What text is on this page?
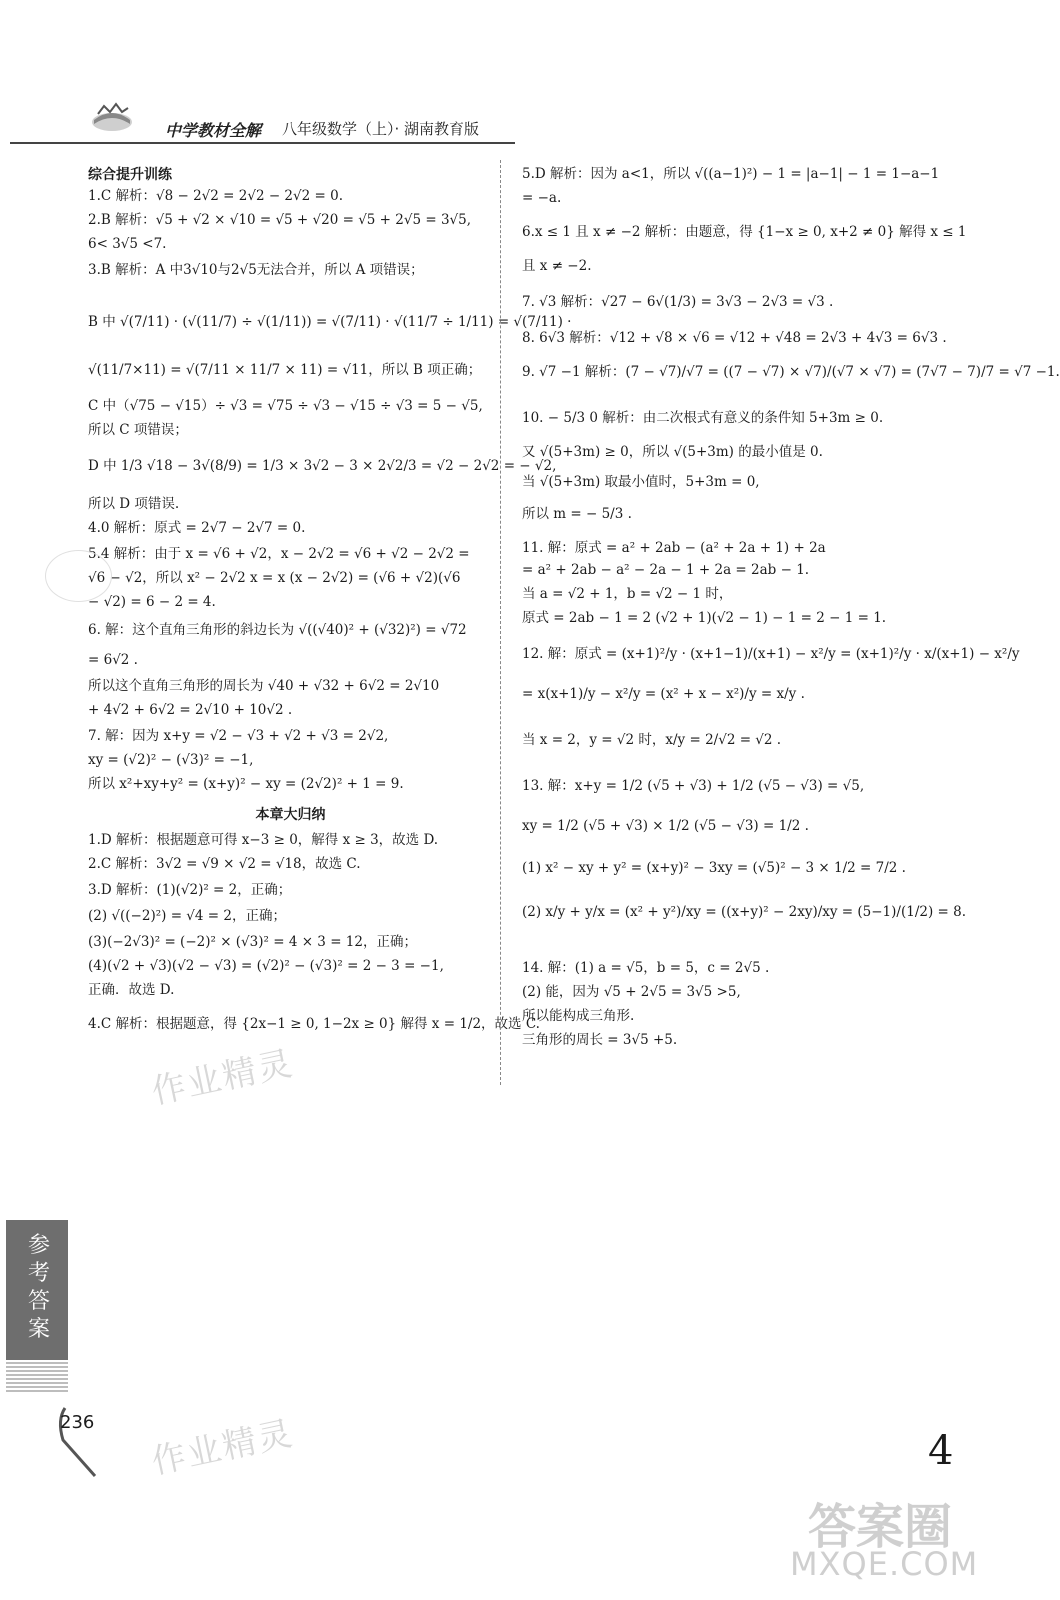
中学教材全解 八年级数学（上）· 湖南教育版
综合提升训练
1.C 解析：√8 − 2√2 = 2√2 − 2√2 = 0.
2.B 解析：√5 + √2 × √10 = √5 + √20 = √5 + 2√5 = 3√5,
6< 3√5 <7.
3.B 解析：A 中3√10与2√5无法合并，所以 A 项错误；
B 中 √(7/11) · (√(11/7) ÷ √(1/11)) = √(7/11) · √(11/7 ÷ 1/11) = √(7/11) ·
√(11/7×11) = √(7/11 × 11/7 × 11) = √11，所以 B 项正确；
C 中（√75 − √15）÷ √3 = √75 ÷ √3 − √15 ÷ √3 = 5 − √5,
所以 C 项错误；
D 中 1/3 √18 − 3√(8/9) = 1/3 × 3√2 − 3 × 2√2/3 = √2 − 2√2 = − √2,
所以 D 项错误.
4.0 解析：原式 = 2√7 − 2√7 = 0.
5.4 解析：由于 x = √6 + √2，x − 2√2 = √6 + √2 − 2√2 =
√6 − √2，所以 x² − 2√2 x = x (x − 2√2) = (√6 + √2)(√6
− √2) = 6 − 2 = 4.
6. 解：这个直角三角形的斜边长为 √((√40)² + (√32)²) = √72
= 6√2 .
所以这个直角三角形的周长为 √40 + √32 + 6√2 = 2√10
+ 4√2 + 6√2 = 2√10 + 10√2 .
7. 解：因为 x+y = √2 − √3 + √2 + √3 = 2√2,
xy = (√2)² − (√3)² = −1,
所以 x²+xy+y² = (x+y)² − xy = (2√2)² + 1 = 9.
本章大归纳
1.D 解析：根据题意可得 x−3 ≥ 0，解得 x ≥ 3，故选 D.
2.C 解析：3√2 = √9 × √2 = √18，故选 C.
3.D 解析：(1)(√2)² = 2，正确；
(2) √((−2)²) = √4 = 2，正确；
(3)(−2√3)² = (−2)² × (√3)² = 4 × 3 = 12，正确；
(4)(√2 + √3)(√2 − √3) = (√2)² − (√3)² = 2 − 3 = −1,
正确．故选 D.
4.C 解析：根据题意，得 {2x−1 ≥ 0, 1−2x ≥ 0} 解得 x = 1/2，故选 C.
5.D 解析：因为 a<1，所以 √((a−1)²) − 1 = |a−1| − 1 = 1−a−1
= −a.
6.x ≤ 1 且 x ≠ −2 解析：由题意，得 {1−x ≥ 0, x+2 ≠ 0} 解得 x ≤ 1
且 x ≠ −2.
7. √3 解析：√27 − 6√(1/3) = 3√3 − 2√3 = √3 .
8. 6√3 解析：√12 + √8 × √6 = √12 + √48 = 2√3 + 4√3 = 6√3 .
9. √7 −1 解析：(7 − √7)/√7 = ((7 − √7) × √7)/(√7 × √7) = (7√7 − 7)/7 = √7 −1.
10. − 5/3 0 解析：由二次根式有意义的条件知 5+3m ≥ 0.
又 √(5+3m) ≥ 0，所以 √(5+3m) 的最小值是 0.
当 √(5+3m) 取最小值时，5+3m = 0,
所以 m = − 5/3 .
11. 解：原式 = a² + 2ab − (a² + 2a + 1) + 2a
= a² + 2ab − a² − 2a − 1 + 2a = 2ab − 1.
当 a = √2 + 1，b = √2 − 1 时，
原式 = 2ab − 1 = 2 (√2 + 1)(√2 − 1) − 1 = 2 − 1 = 1.
12. 解：原式 = (x+1)²/y · (x+1−1)/(x+1) − x²/y = (x+1)²/y · x/(x+1) − x²/y
= x(x+1)/y − x²/y = (x² + x − x²)/y = x/y .
当 x = 2，y = √2 时，x/y = 2/√2 = √2 .
13. 解：x+y = 1/2 (√5 + √3) + 1/2 (√5 − √3) = √5,
xy = 1/2 (√5 + √3) × 1/2 (√5 − √3) = 1/2 .
(1) x² − xy + y² = (x+y)² − 3xy = (√5)² − 3 × 1/2 = 7/2 .
(2) x/y + y/x = (x² + y²)/xy = ((x+y)² − 2xy)/xy = (5−1)/(1/2) = 8.
14. 解：(1) a = √5，b = 5，c = 2√5 .
(2) 能，因为 √5 + 2√5 = 3√5 >5,
所以能构成三角形.
三角形的周长 = 3√5 +5.
作业精灵
作业精灵
参考答案
236
4
答案圈
MXQE.COM
